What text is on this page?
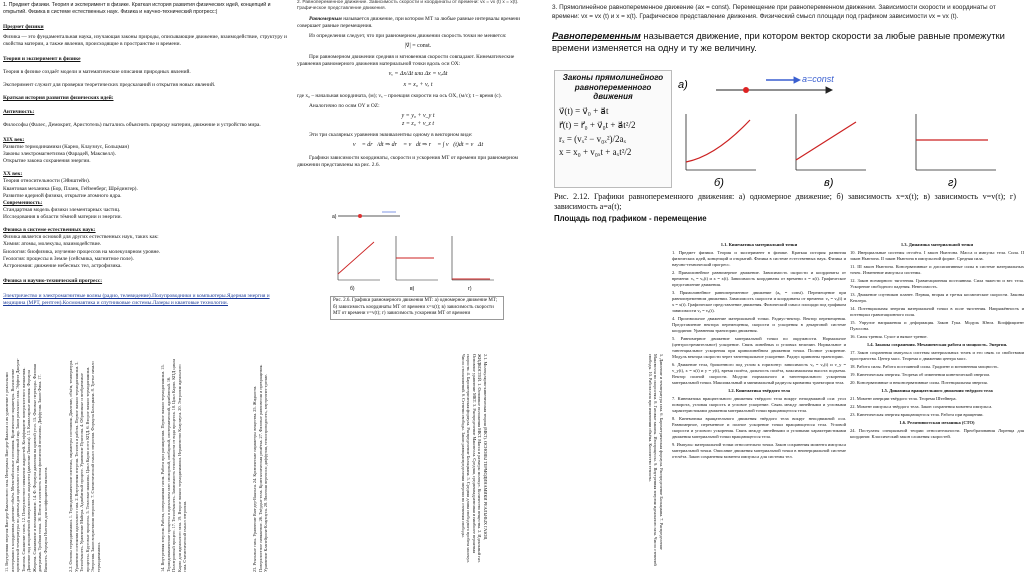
1. Предмет физики. Теория и эксперимент в физике. Краткая история развития физических идей, концепций и открытий. Физика в системе естественных наук. Физика и научно-технический прогресс:|

Предмет физики

Физика — это фундаментальная наука, изучающая законы природы, описывающие движение, взаимодействие, структуру и свойства материи, а также явления, происходящие в пространстве и времени.

Теория и эксперимент в физике

Теория в физике создаёт модели и математические описания природных явлений.

Эксперимент служит для проверки теоретических предсказаний и открытия новых явлений.

Краткая история развития физических идей:

Античность:

Философы (Фалес, Демокрит, Аристотель) пытались объяснить природу материи, движение и устройство мира.

XIX век:

Развитие термодинамики (Карно, Клаузиус, Больцман)
Законы электромагнетизма (Фарадей, Максвелл).
Открытие закона сохранения энергии.

XX век:

Теория относительности (Эйнштейн).
Квантовая механика (Бор, Планк, Гейзенберг, Шрёдингер).
Развитие ядерной физики, открытие атомного ядра.

Современность:

Стандартная модель физики элементарных частиц.
Исследования в области тёмной материи и энергии.

Физика в системе естественных наук:

Физика является основой для других естественных наук, таких как:
Химия: атомы, молекулы, взаимодействие.
Биология: биофизика, изучение процессов на молекулярном уровне.
Геология: процессы в Земле (сейсмика, магнитное поле).
Астрономия: движение небесных тел, астрофизика.

Физика и научно-технический прогресс:

Электричество и электромагнитные волны (радио, телевидение).Полупроводники и компьютеры.Ядерная энергия и медицина (МРТ, рентген).Космонавтика и спутниковые системы.Лазеры и квантовые технологии.

2. Равнопеременное движение. Зависимость скорости и координаты от времени: vx = vx (t) x = x(t). Графическое представление движения.

Равномерным называется движение, при котором МТ за любые равные интервалы времени совершает равные перемещения.

Из определения следует, что при равномерном движении скорость точки не меняется:

|v⃗| = const.

При равномерном движении средняя и мгновенная скорости совпадают. Кинематические уравнения равномерного движения материальной точки вдоль оси OX:

vₓ = Δx/Δt или Δx = vₓΔt

x = x₀ + vₓ t

где x₀ – начальная координата, (м); vₓ – проекция скорости на ось OX, (м/с); t – время (с).

Аналогично по осям OY и OZ:

y = y₀ + v_y t

z = z₀ + v_z t

Эти три скалярных уравнения эквивалентны одному в векторном виде:

v⃗ = dr⃗/dt ⇒ dr⃗ = v⃗dt ⇒ r⃗ = ∫ v⃗(t)dt = v⃗Δt

Графики зависимости координаты, скорости и ускорения МТ от времени при равномерном движении представлены на рис. 2.6.

а)
б)	в)	г)
Рис. 2.6. Графики равномерного движения МТ: а) одномерное движение МТ; б) зависимость координаты МТ от времени x=x(t); в) зависимость скорости МТ от времени v=v(t); г) зависимость ускорения МТ от времени

3. Прямолинейное равнопеременное движение (ax = const). Перемещение при равнопеременном движении. Зависимости скорости и координаты от времени: vx = vx (t) и x = x(t). Графическое представление движения. Физический смысл площади под графиком зависимости vx = vx (t).

Равнопеременным называется движение, при котором вектор скорости за любые равные промежутки времени изменяется на одну и ту же величину.

Законы прямолинейного равнопеременного движения
v⃗(t) = v⃗₀ + a⃗t
r⃗(t) = r⃗₀ + v⃗₀t + a⃗t²/2
rₓ = (vₓ² − v₀ₓ²)/2aₓ
x = x₀ + v₀ₓt + aₓt²/2
а)	a=const
б)	в)	г)
Рис. 2.12. Графики равнопеременного движения: а) одномерное движение; б) зависимость x=x(t); в) зависимость v=v(t); г) зависимость a=a(t);
Площадь под графиком - перемещение
1.1. Кинематика материальной точки
1. Предмет физики. Теория и эксперимент в физике. Краткая история развития физических идей, концепций и открытий. Физика в системе естественных наук. Физика и научно-технический прогресс.
2. Прямолинейное равномерное движение. Зависимость скорости и координаты от времени: vₓ = vₓ(t) и x = x(t). Зависимость координаты от времени x = x(t). Графическое представление движения.
3. Прямолинейное равнопеременное движение (aₓ = const). Перемещение при равнопеременном движении. Зависимость скорости и координаты от времени: vₓ = vₓ(t) и x = x(t). Графическое представление движения. Физический смысл площади под графиком зависимости vₓ = vₓ(t).
4. Произвольное движение материальной точки. Радиус-вектор. Вектор перемещения. Представление вектора перемещения, скорости и ускорения в декартовой системе координат. Уравнения траектории движения.
5. Равномерное движение материальной точки по окружности. Нормальное (центростремительное) ускорение. Связь линейных и угловых величин. Нормальное и тангенциальное ускорения при криволинейном движении точки. Полное ускорение. Модуль вектора скорости через тангенциальное ускорение. Радиус кривизны траектории.
6. Движение тела, брошенного под углом к горизонту: зависимость vₓ = vₓ(t) и v_y = v_y(t), x = x(t) и y = y(t), время полёта, дальность полёта, максимальная высота подъема. Вектор полной скорости. Модули нормального и тангенциального ускорения материальной точки. Максимальный и минимальный радиусы кривизны траектории тела.
1.2. Кинематика твёрдого тела
7. Кинематика вращательного движения твёрдого тела вокруг неподвижной оси: угол поворота, угловая скорость и угловое ускорение. Связь между линейными и угловыми характеристиками движения материальной точки вращающегося тела.
8. Кинематика вращательного движения твёрдого тела вокруг неподвижной оси. Равномерное, переменное и полное ускорение точки вращающегося тела. Угловой скорости и углового ускорения. Связь между линейными и угловыми характеристиками движения материальной точки вращающегося тела.
9. Импульс материальной точки относительно точки. Закон сохранения момента импульса материальной точки. Описание движения материальной точки в неинерциальной системе отсчёта. Закон сохранения момента импульса для системы тел.
1.3. Динамика материальной точки
10. Инерциальные системы отсчёта. I закон Ньютона. Масса и импульс тела. Сила. II закон Ньютона. II закон Ньютона в импульсной форме. Средняя сила.
11. III закон Ньютона. Консервативные и диссипативные силы в системе материальных точек. Изменение импульса системы.
12. Закон всемирного тяготения. Гравитационная постоянная. Сила тяжести и вес тела. Ускорение свободного падения. Невесомость.
13. Движение спутников планет. Первая, вторая и третья космические скорости. Законы Кеплера.
14. Потенциальная энергия материальной точки в поле тяготения. Напряжённость и потенциал гравитационного поля.
15. Упругие напряжения и деформация. Закон Гука. Модуль Юнга. Коэффициент Пуассона.
16. Силы трения. Сухое и вязкое трение.
1.4. Законы сохранения. Механическая работа и мощность. Энергия.
17. Закон сохранения импульса системы материальных точек и его связь со свойствами пространства. Центр масс. Теорема о движении центра масс.
18. Работа силы. Работа постоянной силы. Градиент и мгновенная мощность.
19. Кинетическая энергия. Теорема об изменении кинетической энергии.
20. Консервативные и неконсервативные силы. Потенциальная энергия.
1.5. Динамика вращательного движения твёрдого тела
21. Момент инерции твёрдого тела. Теорема Штейнера.
22. Момент импульса твёрдого тела. Закон сохранения момента импульса.
23. Кинетическая энергия вращающегося тела. Работа при вращении.
1.6. Релятивистская механика (СТО)
24. Постулаты специальной теории относительности. Преобразования Лоренца для координат. Классический закон сложения скоростей.
11. Внутренняя энергия Ван-дер-Ваальсового газа. Интервалы Ван-дер-Ваальса и их уравнение с реальными изотермами в координатах давление-объём. Метастабильные состояния. Критические параметры. Вычисление критической температуры по данным для идеального газа. Насыщенный пар. Закон реального газа. Эффект Джоуля-Томсона. Сжижение газов. 12. Поверхностное натяжение жидкостей. Коэффициент поверхностного натяжения. Давление под искривлённой поверхностью жидкости (давление Лапласа). 13. Капиллярные явления. Формула Жюрена. Смачивание и несмачивание. 14. Ф. Формула давления на краевой угол. 15. Фазовые переходы. Фазовая диаграмма. Тройная точка. 16. Поток и плотность потока физической величины. Диффузия. Закон Фика. 17. Вязкость. Формула Ньютона для коэффициента вязкости.	2.2. Основы термодинамики. 1. Термодинамические системы, параметры состояния. Давление, объём, температура. Уравнение состояния идеального газа. 2. Внутренняя энергия. Теплота и работа. Первое начало термодинамики. 3. Теплоёмкость. Уравнение Майера. Адиабатный процесс. Уравнение Пуассона. 4. Обратимые и необратимые процессы. Круговые процессы. 5. Тепловые машины. Цикл Карно и его КПД. 6. Второе начало термодинамики. Энтропия. Закон возрастания энтропии. 7. Статистический смысл энтропии. Формула Больцмана. 8. Третье начало термодинамики.	14. Внутренняя энергия. Работа, совершаемая газом. Работа при расширении. Первое начало термодинамики. 15. Термодинамические процессы в идеальном газе: изохорный, изобарный, изотермический, адиабатный. 16. Политропный процесс. 17. Теплоёмкость. Зависимость теплоёмкости от вида процесса. 18. Цикл Карно. КПД цикла Карно для идеального газа. 19. Второе начало термодинамики. Неравенство Клаузиуса. 20. Энтропия идеального газа. Статистический смысл энтропии.	23. Реальные газы. Уравнение Ван-дер-Ваальса. 24. Критические параметры вещества. 25. Жидкости. Поверхностное натяжение. 26. Твёрдые тела. Кристаллическая решётка. 27. Фазовые равновесия и превращения. Уравнение Клапейрона-Клаузиуса. 28. Явления переноса: диффузия, теплопроводность, внутреннее трение.	2.1. Молекулярно-кинетическая теория (МКТ). ОСНОВЫ ТЕРМОДИНАМИКИ РЕАЛЬНЫХ ГАЗОВ, ЖИДКОСТЕЙ. 1. Основные положения МКТ. Масса и размеры молекул. Количество вещества. 2. Идеальный газ. Основное уравнение МКТ. 3. Распределение Максвелла. Средняя, среднеквадратичная и наиболее вероятная скорости. 4. Барометрическая формула. Распределение Больцмана. 5. Средняя длина свободного пробега молекул. Число столкновений. 6. Степени свободы. Закон равнораспределения энергии по степеням свободы.	5. Давление и температура газа. 6. Барометрическая формула. Распределение Больцмана. 7. Распределение Максвелла по скоростям. 8. Газовые законы. Изопроцессы. 9. Внутренняя энергия идеального газа. Число степеней свободы. 10. Работа газа при изменении объёма. Количество теплоты.
